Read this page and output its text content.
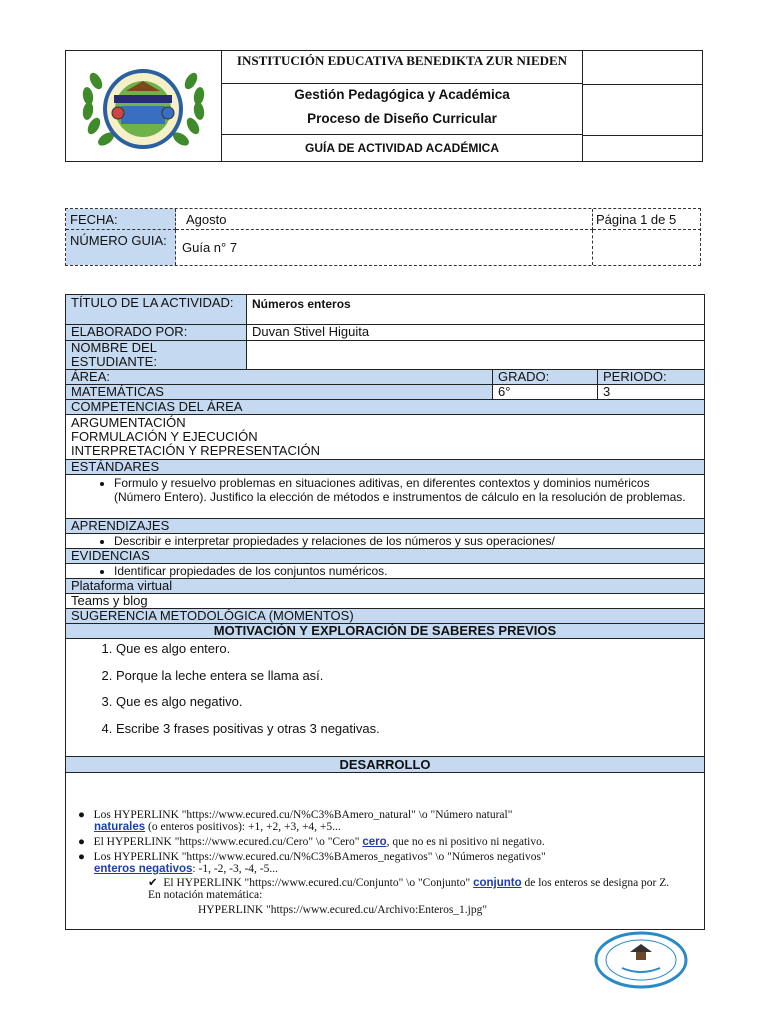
INSTITUCIÓN EDUCATIVA BENEDIKTA ZUR NIEDEN
Gestión Pedagógica y Académica
Proceso de Diseño Curricular
GUÍA DE ACTIVIDAD ACADÉMICA
FECHA:	Agosto	Página 1 de 5
NÚMERO GUIA:	Guía n° 7
TÍTULO DE LA ACTIVIDAD:	Números enteros
ELABORADO POR:	Duvan Stivel Higuita
NOMBRE DEL ESTUDIANTE:
ÁREA:	GRADO:	PERIODO:
MATEMÁTICAS	6°	3
COMPETENCIAS DEL ÁREA
ARGUMENTACIÓN
FORMULACIÓN Y EJECUCIÓN
INTERPRETACIÓN Y REPRESENTACIÓN
ESTÁNDARES
• Formulo y resuelvo problemas en situaciones aditivas, en diferentes contextos y dominios numéricos (Número Entero). Justifico la elección de métodos e instrumentos de cálculo en la resolución de problemas.
APRENDIZAJES
• Describir e interpretar propiedades y relaciones de los números y sus operaciones/
EVIDENCIAS
• Identificar propiedades de los conjuntos numéricos.
Plataforma virtual
Teams y blog
SUGERENCIA METODOLÓGICA (MOMENTOS)
MOTIVACIÓN Y EXPLORACIÓN DE SABERES PREVIOS
1. Que es algo entero.
2. Porque la leche entera se llama así.
3. Que es algo negativo.
4. Escribe 3 frases positivas y otras 3 negativas.
DESARROLLO
●   Los HYPERLINK "https://www.ecured.cu/N%C3%BAmero_natural" \o "Número natural"
naturales (o enteros positivos): +1, +2, +3, +4, +5...
●   El HYPERLINK "https://www.ecured.cu/Cero" \o "Cero" cero, que no es ni positivo ni negativo.
●   Los HYPERLINK "https://www.ecured.cu/N%C3%BAmeros_negativos" \o "Números negativos"
enteros negativos: -1, -2, -3, -4, -5...
✔  El HYPERLINK "https://www.ecured.cu/Conjunto" \o "Conjunto" conjunto de los enteros se designa por Z. En notación matemática:
HYPERLINK "https://www.ecured.cu/Archivo:Enteros_1.jpg"
